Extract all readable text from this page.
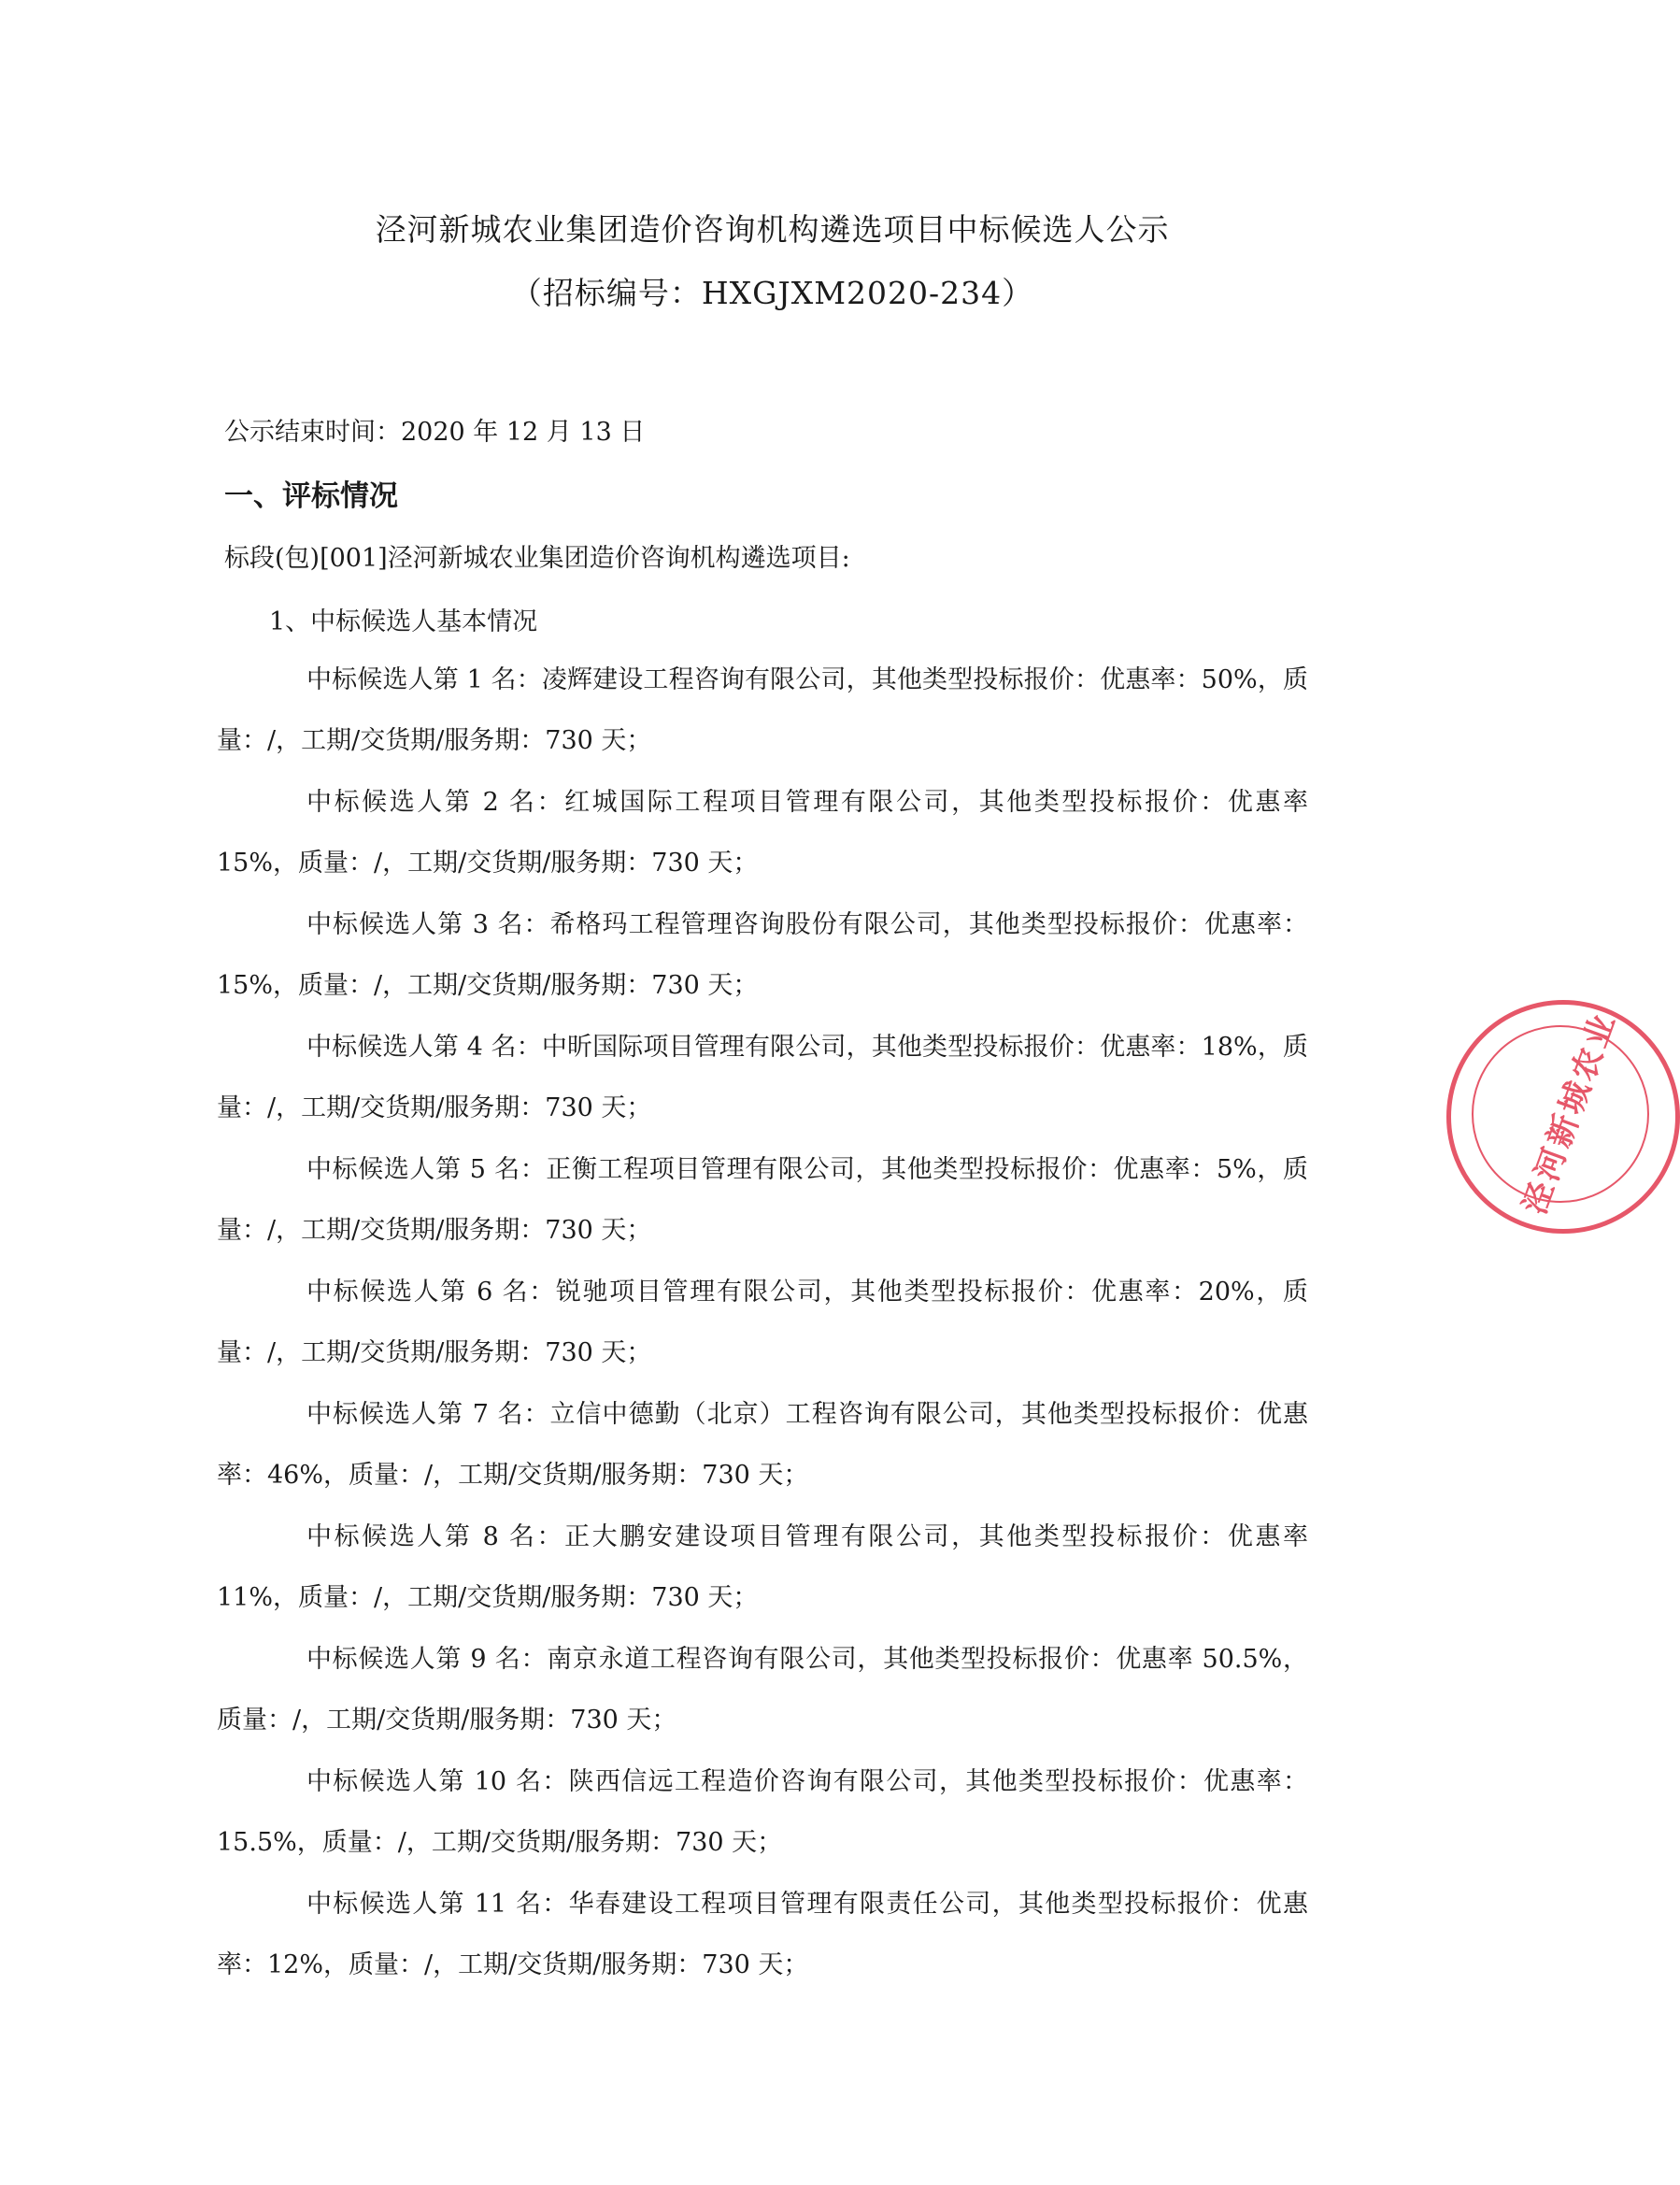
泾河新城农业集团造价咨询机构遴选项目中标候选人公示
（招标编号：HXGJXM2020-234）
公示结束时间：2020 年 12 月 13 日
一、评标情况
标段(包)[001]泾河新城农业集团造价咨询机构遴选项目:
1、中标候选人基本情况
中标候选人第 1 名：凌辉建设工程咨询有限公司，其他类型投标报价：优惠率：50%，质量：/，工期/交货期/服务期：730 天；
中标候选人第 2 名：红城国际工程项目管理有限公司，其他类型投标报价：优惠率 15%，质量：/，工期/交货期/服务期：730 天；
中标候选人第 3 名：希格玛工程管理咨询股份有限公司，其他类型投标报价：优惠率：15%，质量：/，工期/交货期/服务期：730 天；
中标候选人第 4 名：中昕国际项目管理有限公司，其他类型投标报价：优惠率：18%，质量：/，工期/交货期/服务期：730 天；
中标候选人第 5 名：正衡工程项目管理有限公司，其他类型投标报价：优惠率：5%，质量：/，工期/交货期/服务期：730 天；
中标候选人第 6 名：锐驰项目管理有限公司，其他类型投标报价：优惠率：20%，质量：/，工期/交货期/服务期：730 天；
中标候选人第 7 名：立信中德勤（北京）工程咨询有限公司，其他类型投标报价：优惠率：46%，质量：/，工期/交货期/服务期：730 天；
中标候选人第 8 名：正大鹏安建设项目管理有限公司，其他类型投标报价：优惠率 11%，质量：/，工期/交货期/服务期：730 天；
中标候选人第 9 名：南京永道工程咨询有限公司，其他类型投标报价：优惠率 50.5%，质量：/，工期/交货期/服务期：730 天；
中标候选人第 10 名：陕西信远工程造价咨询有限公司，其他类型投标报价：优惠率：15.5%，质量：/，工期/交货期/服务期：730 天；
中标候选人第 11 名：华春建设工程项目管理有限责任公司，其他类型投标报价：优惠率：12%，质量：/，工期/交货期/服务期：730 天；
泾河新城农业
